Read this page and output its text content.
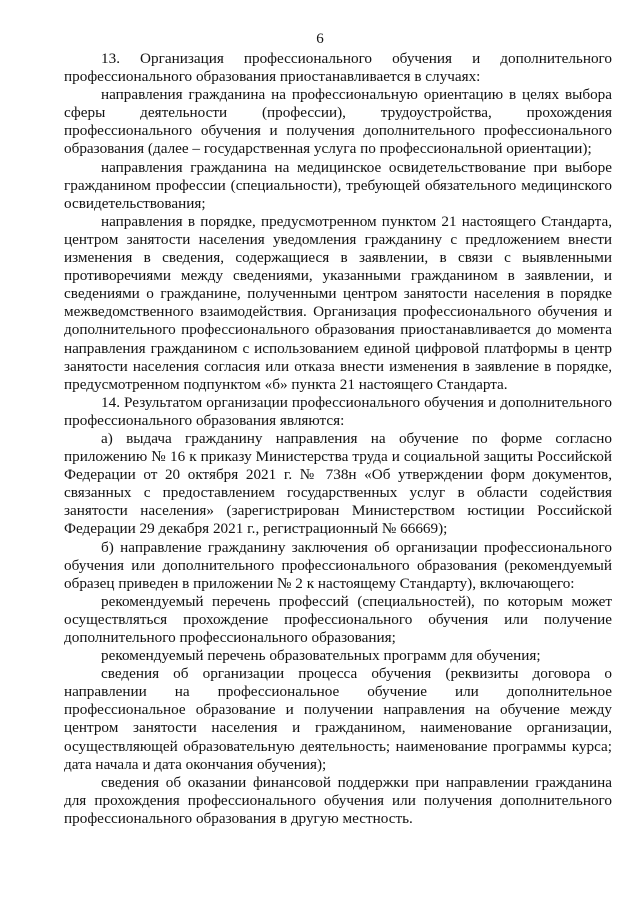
6

13. Организация профессионального обучения и дополнительного профессионального образования приостанавливается в случаях:

направления гражданина на профессиональную ориентацию в целях выбора сферы деятельности (профессии), трудоустройства, прохождения профессионального обучения и получения дополнительного профессионального образования (далее – государственная услуга по профессиональной ориентации);

направления гражданина на медицинское освидетельствование при выборе гражданином профессии (специальности), требующей обязательного медицинского освидетельствования;

направления в порядке, предусмотренном пунктом 21 настоящего Стандарта, центром занятости населения уведомления гражданину с предложением внести изменения в сведения, содержащиеся в заявлении, в связи с выявленными противоречиями между сведениями, указанными гражданином в заявлении, и сведениями о гражданине, полученными центром занятости населения в порядке межведомственного взаимодействия. Организация профессионального обучения и дополнительного профессионального образования приостанавливается до момента направления гражданином с использованием единой цифровой платформы в центр занятости населения согласия или отказа внести изменения в заявление в порядке, предусмотренном подпунктом «б» пункта 21 настоящего Стандарта.

14. Результатом организации профессионального обучения и дополнительного профессионального образования являются:

а) выдача гражданину направления на обучение по форме согласно приложению № 16 к приказу Министерства труда и социальной защиты Российской Федерации от 20 октября 2021 г. № 738н «Об утверждении форм документов, связанных с предоставлением государственных услуг в области содействия занятости населения» (зарегистрирован Министерством юстиции Российской Федерации 29 декабря 2021 г., регистрационный № 66669);

б) направление гражданину заключения об организации профессионального обучения или дополнительного профессионального образования (рекомендуемый образец приведен в приложении № 2 к настоящему Стандарту), включающего:

рекомендуемый перечень профессий (специальностей), по которым может осуществляться прохождение профессионального обучения или получение дополнительного профессионального образования;

рекомендуемый перечень образовательных программ для обучения;

сведения об организации процесса обучения (реквизиты договора о направлении на профессиональное обучение или дополнительное профессиональное образование и получении направления на обучение между центром занятости населения и гражданином, наименование организации, осуществляющей образовательную деятельность; наименование программы курса; дата начала и дата окончания обучения);

сведения об оказании финансовой поддержки при направлении гражданина для прохождения профессионального обучения или получения дополнительного профессионального образования в другую местность.
